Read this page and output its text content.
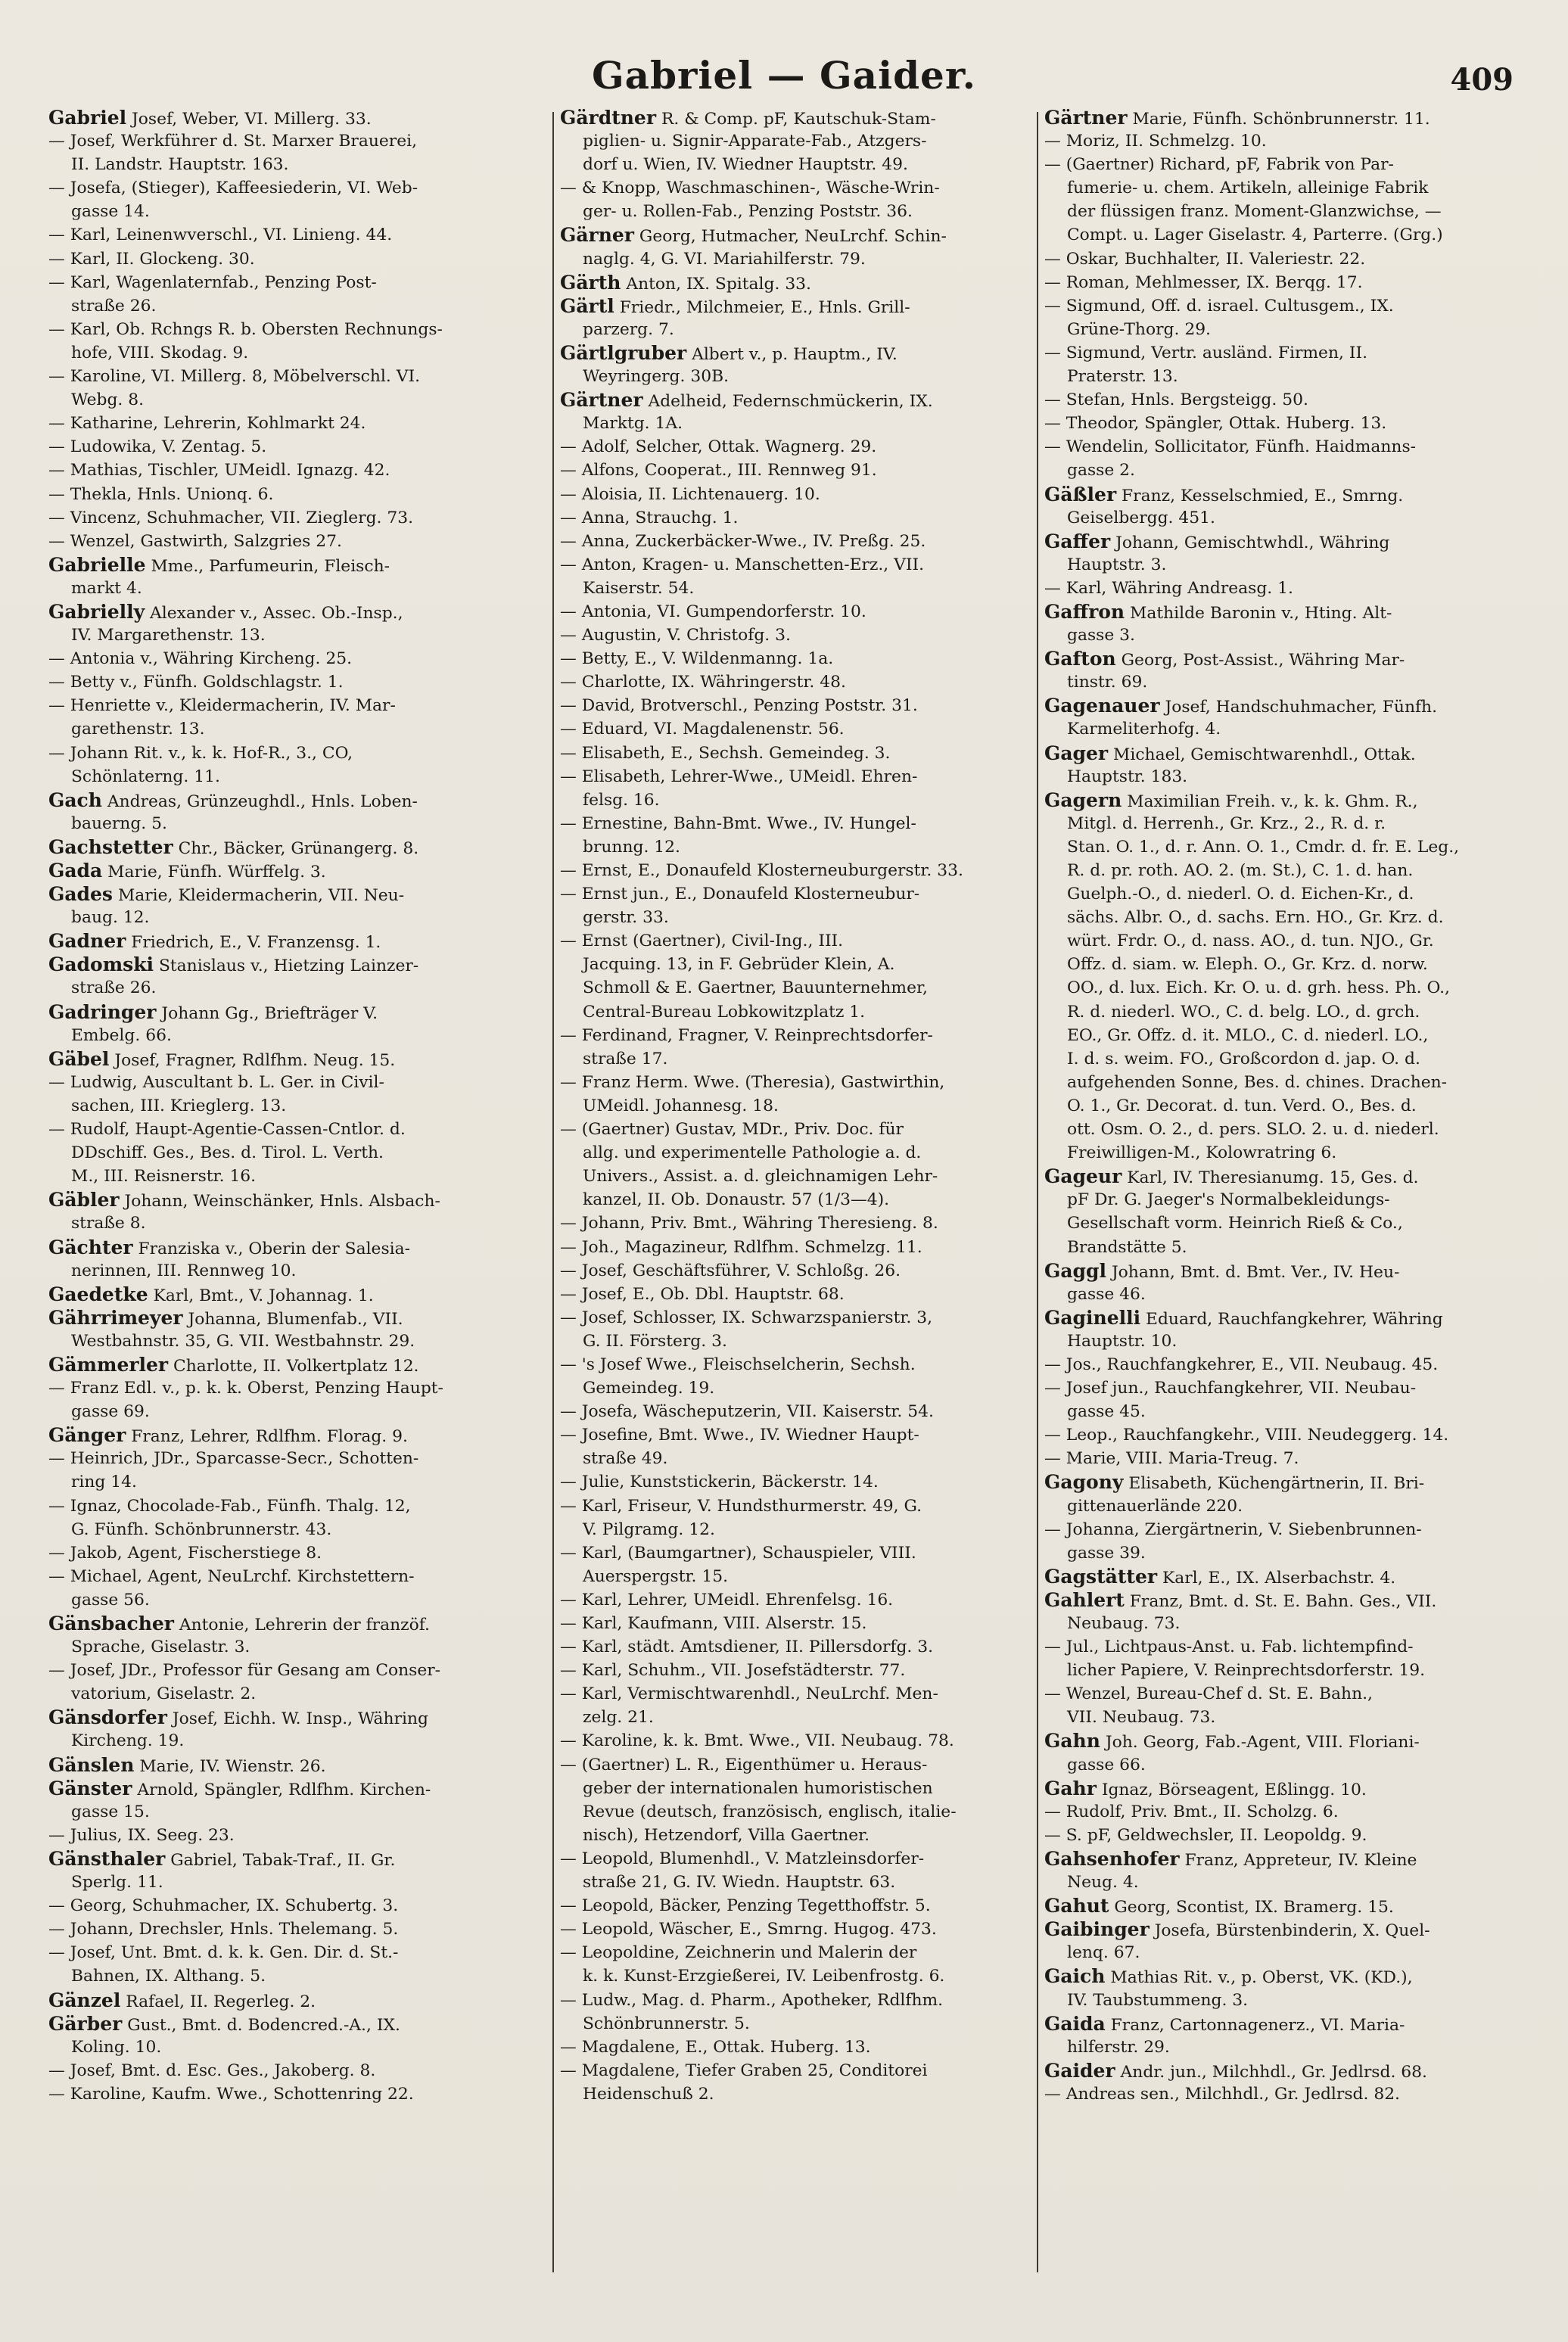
Gabriel — Gaider.	409
Gabriel Josef, Weber, VI. Millerg. 33.
— Josef, Werkführer d. St. Marxer Brauerei,
II. Landstr. Hauptstr. 163.
— Josefa, (Stieger), Kaffeesiederin, VI. Web-
gasse 14.
— Karl, Leinenwverschl., VI. Linieng. 44.
— Karl, II. Glockeng. 30.
— Karl, Wagenlaternfab., Penzing Post-
straße 26.
— Karl, Ob. Rchngs R. b. Obersten Rechnungs-
hofe, VIII. Skodag. 9.
— Karoline, VI. Millerg. 8, Möbelverschl. VI.
Webg. 8.
— Katharine, Lehrerin, Kohlmarkt 24.
— Ludowika, V. Zentag. 5.
— Mathias, Tischler, UMeidl. Ignazg. 42.
— Thekla, Hnls. Unionq. 6.
— Vincenz, Schuhmacher, VII. Zieglerg. 73.
— Wenzel, Gastwirth, Salzgries 27.
Gabrielle Mme., Parfumeurin, Fleisch-
markt 4.
Gabrielly Alexander v., Assec. Ob.-Insp.,
IV. Margarethenstr. 13.
— Antonia v., Währing Kircheng. 25.
— Betty v., Fünfh. Goldschlagstr. 1.
— Henriette v., Kleidermacherin, IV. Mar-
garethenstr. 13.
— Johann Rit. v., k. k. Hof-R., 3., CO,
Schönlaterng. 11.
Gach Andreas, Grünzeughdl., Hnls. Loben-
bauerng. 5.
Gachstetter Chr., Bäcker, Grünangerg. 8.
Gada Marie, Fünfh. Würffelg. 3.
Gades Marie, Kleidermacherin, VII. Neu-
baug. 12.
Gadner Friedrich, E., V. Franzensg. 1.
Gadomski Stanislaus v., Hietzing Lainzer-
straße 26.
Gadringer Johann Gg., Briefträger V.
Embelg. 66.
Gäbel Josef, Fragner, Rdlfhm. Neug. 15.
— Ludwig, Auscultant b. L. Ger. in Civil-
sachen, III. Krieglerg. 13.
— Rudolf, Haupt-Agentie-Cassen-Cntlor. d.
DDschiff. Ges., Bes. d. Tirol. L. Verth.
M., III. Reisnerstr. 16.
Gäbler Johann, Weinschänker, Hnls. Alsbach-
straße 8.
Gächter Franziska v., Oberin der Salesia-
nerinnen, III. Rennweg 10.
Gaedetke Karl, Bmt., V. Johannag. 1.
Gährrimeyer Johanna, Blumenfab., VII.
Westbahnstr. 35, G. VII. Westbahnstr. 29.
Gämmerler Charlotte, II. Volkertplatz 12.
— Franz Edl. v., p. k. k. Oberst, Penzing Haupt-
gasse 69.
Gänger Franz, Lehrer, Rdlfhm. Florag. 9.
— Heinrich, JDr., Sparcasse-Secr., Schotten-
ring 14.
— Ignaz, Chocolade-Fab., Fünfh. Thalg. 12,
G. Fünfh. Schönbrunnerstr. 43.
— Jakob, Agent, Fischerstiege 8.
— Michael, Agent, NeuLrchf. Kirchstettern-
gasse 56.
Gänsbacher Antonie, Lehrerin der franzöf.
Sprache, Giselastr. 3.
— Josef, JDr., Professor für Gesang am Conser-
vatorium, Giselastr. 2.
Gänsdorfer Josef, Eichh. W. Insp., Währing
Kircheng. 19.
Gänslen Marie, IV. Wienstr. 26.
Gänster Arnold, Spängler, Rdlfhm. Kirchen-
gasse 15.
— Julius, IX. Seeg. 23.
Gänsthaler Gabriel, Tabak-Traf., II. Gr.
Sperlg. 11.
— Georg, Schuhmacher, IX. Schubertg. 3.
— Johann, Drechsler, Hnls. Thelemang. 5.
— Josef, Unt. Bmt. d. k. k. Gen. Dir. d. St.-
Bahnen, IX. Althang. 5.
Gänzel Rafael, II. Regerleg. 2.
Gärber Gust., Bmt. d. Bodencred.-A., IX.
Koling. 10.
— Josef, Bmt. d. Esc. Ges., Jakoberg. 8.
— Karoline, Kaufm. Wwe., Schottenring 22.
Gärdtner R. & Comp. pF, Kautschuk-Stam-
piglien- u. Signir-Apparate-Fab., Atzgers-
dorf u. Wien, IV. Wiedner Hauptstr. 49.
— & Knopp, Waschmaschinen-, Wäsche-Wrin-
ger- u. Rollen-Fab., Penzing Poststr. 36.
Gärner Georg, Hutmacher, NeuLrchf. Schin-
naglg. 4, G. VI. Mariahilferstr. 79.
Gärth Anton, IX. Spitalg. 33.
Gärtl Friedr., Milchmeier, E., Hnls. Grill-
parzerg. 7.
Gärtlgruber Albert v., p. Hauptm., IV.
Weyringerg. 30B.
Gärtner Adelheid, Federnschmückerin, IX.
Marktg. 1A.
— Adolf, Selcher, Ottak. Wagnerg. 29.
— Alfons, Cooperat., III. Rennweg 91.
— Aloisia, II. Lichtenauerg. 10.
— Anna, Strauchg. 1.
— Anna, Zuckerbäcker-Wwe., IV. Preßg. 25.
— Anton, Kragen- u. Manschetten-Erz., VII.
Kaiserstr. 54.
— Antonia, VI. Gumpendorferstr. 10.
— Augustin, V. Christofg. 3.
— Betty, E., V. Wildenmanng. 1a.
— Charlotte, IX. Währingerstr. 48.
— David, Brotverschl., Penzing Poststr. 31.
— Eduard, VI. Magdalenenstr. 56.
— Elisabeth, E., Sechsh. Gemeindeg. 3.
— Elisabeth, Lehrer-Wwe., UMeidl. Ehren-
felsg. 16.
— Ernestine, Bahn-Bmt. Wwe., IV. Hungel-
brunng. 12.
— Ernst, E., Donaufeld Klosterneuburgerstr. 33.
— Ernst jun., E., Donaufeld Klosterneubur-
gerstr. 33.
— Ernst (Gaertner), Civil-Ing., III.
Jacquing. 13, in F. Gebrüder Klein, A.
Schmoll & E. Gaertner, Bauunternehmer,
Central-Bureau Lobkowitzplatz 1.
— Ferdinand, Fragner, V. Reinprechtsdorfer-
straße 17.
— Franz Herm. Wwe. (Theresia), Gastwirthin,
UMeidl. Johannesg. 18.
— (Gaertner) Gustav, MDr., Priv. Doc. für
allg. und experimentelle Pathologie a. d.
Univers., Assist. a. d. gleichnamigen Lehr-
kanzel, II. Ob. Donaustr. 57 (1/3—4).
— Johann, Priv. Bmt., Währing Theresieng. 8.
— Joh., Magazineur, Rdlfhm. Schmelzg. 11.
— Josef, Geschäftsführer, V. Schloßg. 26.
— Josef, E., Ob. Dbl. Hauptstr. 68.
— Josef, Schlosser, IX. Schwarzspanierstr. 3,
G. II. Försterg. 3.
— 's Josef Wwe., Fleischselcherin, Sechsh.
Gemeindeg. 19.
— Josefa, Wäscheputzerin, VII. Kaiserstr. 54.
— Josefine, Bmt. Wwe., IV. Wiedner Haupt-
straße 49.
— Julie, Kunststickerin, Bäckerstr. 14.
— Karl, Friseur, V. Hundsthurmerstr. 49, G.
V. Pilgramg. 12.
— Karl, (Baumgartner), Schauspieler, VIII.
Auerspergstr. 15.
— Karl, Lehrer, UMeidl. Ehrenfelsg. 16.
— Karl, Kaufmann, VIII. Alserstr. 15.
— Karl, städt. Amtsdiener, II. Pillersdorfg. 3.
— Karl, Schuhm., VII. Josefstädterstr. 77.
— Karl, Vermischtwarenhdl., NeuLrchf. Men-
zelg. 21.
— Karoline, k. k. Bmt. Wwe., VII. Neubaug. 78.
— (Gaertner) L. R., Eigenthümer u. Heraus-
geber der internationalen humoristischen
Revue (deutsch, französisch, englisch, italie-
nisch), Hetzendorf, Villa Gaertner.
— Leopold, Blumenhdl., V. Matzleinsdorfer-
straße 21, G. IV. Wiedn. Hauptstr. 63.
— Leopold, Bäcker, Penzing Tegetthoffstr. 5.
— Leopold, Wäscher, E., Smrng. Hugog. 473.
— Leopoldine, Zeichnerin und Malerin der
k. k. Kunst-Erzgießerei, IV. Leibenfrostg. 6.
— Ludw., Mag. d. Pharm., Apotheker, Rdlfhm.
Schönbrunnerstr. 5.
— Magdalene, E., Ottak. Huberg. 13.
— Magdalene, Tiefer Graben 25, Conditorei
Heidenschuß 2.
Gärtner Marie, Fünfh. Schönbrunnerstr. 11.
— Moriz, II. Schmelzg. 10.
— (Gaertner) Richard, pF, Fabrik von Par-
fumerie- u. chem. Artikeln, alleinige Fabrik
der flüssigen franz. Moment-Glanzwichse, —
Compt. u. Lager Giselastr. 4, Parterre. (Grg.)
— Oskar, Buchhalter, II. Valeriestr. 22.
— Roman, Mehlmesser, IX. Berqg. 17.
— Sigmund, Off. d. israel. Cultusgem., IX.
Grüne-Thorg. 29.
— Sigmund, Vertr. ausländ. Firmen, II.
Praterstr. 13.
— Stefan, Hnls. Bergsteigg. 50.
— Theodor, Spängler, Ottak. Huberg. 13.
— Wendelin, Sollicitator, Fünfh. Haidmanns-
gasse 2.
Gäßler Franz, Kesselschmied, E., Smrng.
Geiselbergg. 451.
Gaffer Johann, Gemischtwhdl., Währing
Hauptstr. 3.
— Karl, Währing Andreasg. 1.
Gaffron Mathilde Baronin v., Hting. Alt-
gasse 3.
Gafton Georg, Post-Assist., Währing Mar-
tinstr. 69.
Gagenauer Josef, Handschuhmacher, Fünfh.
Karmeliterhofg. 4.
Gager Michael, Gemischtwarenhdl., Ottak.
Hauptstr. 183.
Gagern Maximilian Freih. v., k. k. Ghm. R.,
Mitgl. d. Herrenh., Gr. Krz., 2., R. d. r.
Stan. O. 1., d. r. Ann. O. 1., Cmdr. d. fr. E. Leg.,
R. d. pr. roth. AO. 2. (m. St.), C. 1. d. han.
Guelph.-O., d. niederl. O. d. Eichen-Kr., d.
sächs. Albr. O., d. sachs. Ern. HO., Gr. Krz. d.
würt. Frdr. O., d. nass. AO., d. tun. NJO., Gr.
Offz. d. siam. w. Eleph. O., Gr. Krz. d. norw.
OO., d. lux. Eich. Kr. O. u. d. grh. hess. Ph. O.,
R. d. niederl. WO., C. d. belg. LO., d. grch.
EO., Gr. Offz. d. it. MLO., C. d. niederl. LO.,
I. d. s. weim. FO., Großcordon d. jap. O. d.
aufgehenden Sonne, Bes. d. chines. Drachen-
O. 1., Gr. Decorat. d. tun. Verd. O., Bes. d.
ott. Osm. O. 2., d. pers. SLO. 2. u. d. niederl.
Freiwilligen-M., Kolowratring 6.
Gageur Karl, IV. Theresianumg. 15, Ges. d.
pF Dr. G. Jaeger's Normalbekleidungs-
Gesellschaft vorm. Heinrich Rieß & Co.,
Brandstätte 5.
Gaggl Johann, Bmt. d. Bmt. Ver., IV. Heu-
gasse 46.
Gaginelli Eduard, Rauchfangkehrer, Währing
Hauptstr. 10.
— Jos., Rauchfangkehrer, E., VII. Neubaug. 45.
— Josef jun., Rauchfangkehrer, VII. Neubau-
gasse 45.
— Leop., Rauchfangkehr., VIII. Neudeggerg. 14.
— Marie, VIII. Maria-Treug. 7.
Gagony Elisabeth, Küchengärtnerin, II. Bri-
gittenauerlände 220.
— Johanna, Ziergärtnerin, V. Siebenbrunnen-
gasse 39.
Gagstätter Karl, E., IX. Alserbachstr. 4.
Gahlert Franz, Bmt. d. St. E. Bahn. Ges., VII.
Neubaug. 73.
— Jul., Lichtpaus-Anst. u. Fab. lichtempfind-
licher Papiere, V. Reinprechtsdorferstr. 19.
— Wenzel, Bureau-Chef d. St. E. Bahn.,
VII. Neubaug. 73.
Gahn Joh. Georg, Fab.-Agent, VIII. Floriani-
gasse 66.
Gahr Ignaz, Börseagent, Eßlingg. 10.
— Rudolf, Priv. Bmt., II. Scholzg. 6.
— S. pF, Geldwechsler, II. Leopoldg. 9.
Gahsenhofer Franz, Appreteur, IV. Kleine
Neug. 4.
Gahut Georg, Scontist, IX. Bramerg. 15.
Gaibinger Josefa, Bürstenbinderin, X. Quel-
lenq. 67.
Gaich Mathias Rit. v., p. Oberst, VK. (KD.),
IV. Taubstummeng. 3.
Gaida Franz, Cartonnagenerz., VI. Maria-
hilferstr. 29.
Gaider Andr. jun., Milchhdl., Gr. Jedlrsd. 68.
— Andreas sen., Milchhdl., Gr. Jedlrsd. 82.
